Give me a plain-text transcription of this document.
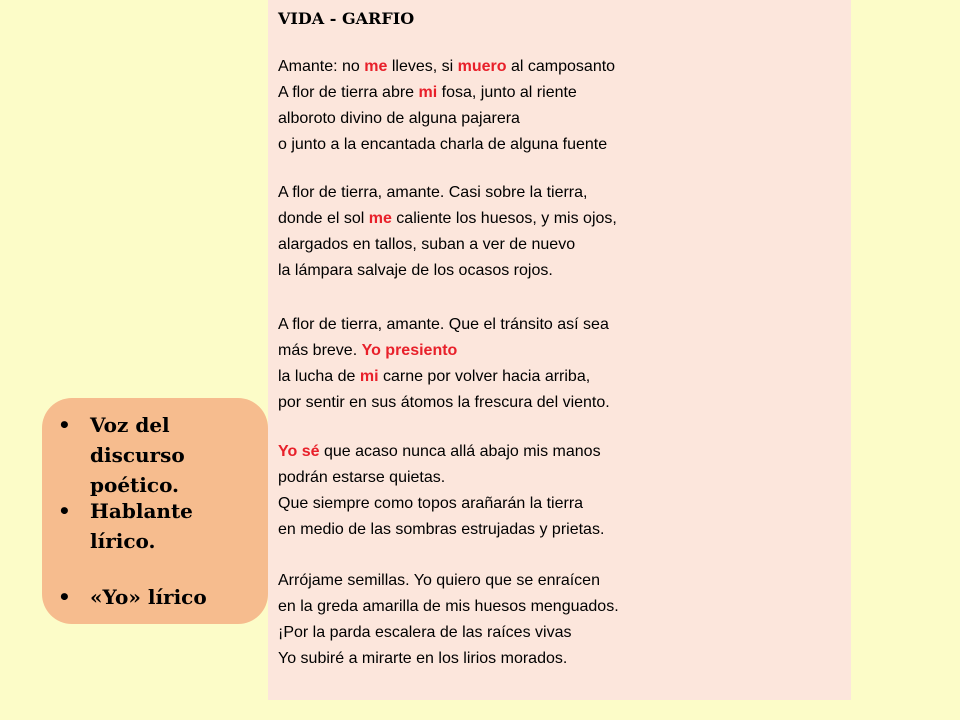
VIDA - GARFIO
Amante: no me lleves, si muero al camposanto
A flor de tierra abre mi fosa, junto al riente
alboroto divino de alguna pajarera
o junto a la encantada charla de alguna fuente
A flor de tierra, amante. Casi sobre la tierra,
donde el sol me caliente los huesos, y mis ojos,
alargados en tallos, suban a ver de nuevo
la lámpara salvaje de los ocasos rojos.
A flor de tierra, amante. Que el tránsito así sea
más breve. Yo presiento
la lucha de mi carne por volver hacia arriba,
por sentir en sus átomos la frescura del viento.
Yo sé que acaso nunca allá abajo mis manos
podrán estarse quietas.
Que siempre como topos arañarán la tierra
en medio de las sombras estrujadas y prietas.
Arrójame semillas. Yo quiero que se enraícen
en la greda amarilla de mis huesos menguados.
¡Por la parda escalera de las raíces vivas
Yo subiré a mirarte en los lirios morados.
• Voz del discurso poético.
• Hablante lírico.
• «Yo» lírico
